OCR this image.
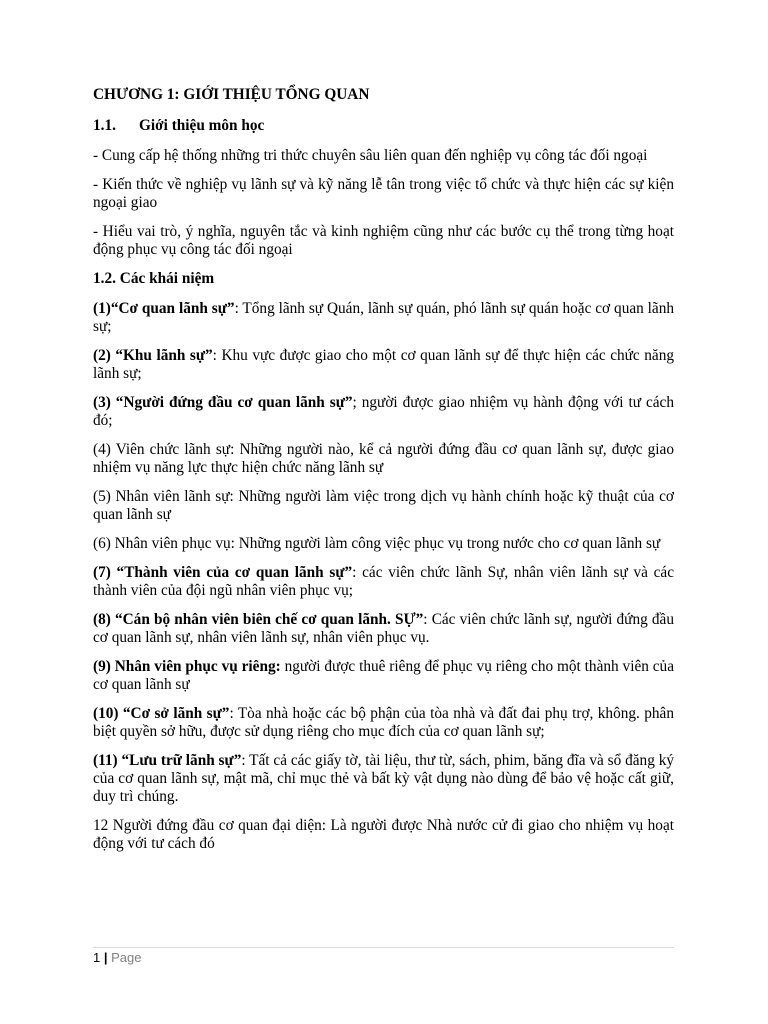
CHƯƠNG 1: GIỚI THIỆU TỔNG QUAN

1.1. Giới thiệu môn học

- Cung cấp hệ thống những tri thức chuyên sâu liên quan đến nghiệp vụ công tác đối ngoại

- Kiến thức về nghiệp vụ lãnh sự và kỹ năng lễ tân trong việc tổ chức và thực hiện các sự kiện ngoại giao

- Hiểu vai trò, ý nghĩa, nguyên tắc và kinh nghiệm cũng như các bước cụ thể trong từng hoạt động phục vụ công tác đối ngoại

1.2. Các khái niệm

(1)“Cơ quan lãnh sự”: Tổng lãnh sự Quán, lãnh sự quán, phó lãnh sự quán hoặc cơ quan lãnh sự;

(2) “Khu lãnh sự”: Khu vực được giao cho một cơ quan lãnh sự để thực hiện các chức năng lãnh sự;

(3) “Người đứng đầu cơ quan lãnh sự”; người được giao nhiệm vụ hành động với tư cách đó;

(4) Viên chức lãnh sự: Những người nào, kể cả người đứng đầu cơ quan lãnh sự, được giao nhiệm vụ năng lực thực hiện chức năng lãnh sự

(5) Nhân viên lãnh sự: Những người làm việc trong dịch vụ hành chính hoặc kỹ thuật của cơ quan lãnh sự

(6) Nhân viên phục vụ: Những người làm công việc phục vụ trong nước cho cơ quan lãnh sự

(7) “Thành viên của cơ quan lãnh sự”: các viên chức lãnh Sự, nhân viên lãnh sự và các thành viên của đội ngũ nhân viên phục vụ;

(8) “Cán bộ nhân viên biên chế cơ quan lãnh. SỰ”: Các viên chức lãnh sự, người đứng đầu cơ quan lãnh sự, nhân viên lãnh sự, nhân viên phục vụ.

(9) Nhân viên phục vụ riêng: người được thuê riêng để phục vụ riêng cho một thành viên của cơ quan lãnh sự

(10) “Cơ sở lãnh sự”: Tòa nhà hoặc các bộ phận của tòa nhà và đất đai phụ trợ, không. phân biệt quyền sở hữu, được sử dụng riêng cho mục đích của cơ quan lãnh sự;

(11) “Lưu trữ lãnh sự”: Tất cả các giấy tờ, tài liệu, thư từ, sách, phim, băng đĩa và sổ đăng ký của cơ quan lãnh sự, mật mã, chỉ mục thẻ và bất kỳ vật dụng nào dùng để bảo vệ hoặc cất giữ, duy trì chúng.

12 Người đứng đầu cơ quan đại diện: Là người được Nhà nước cử đi giao cho nhiệm vụ hoạt động với tư cách đó

1 | Page
